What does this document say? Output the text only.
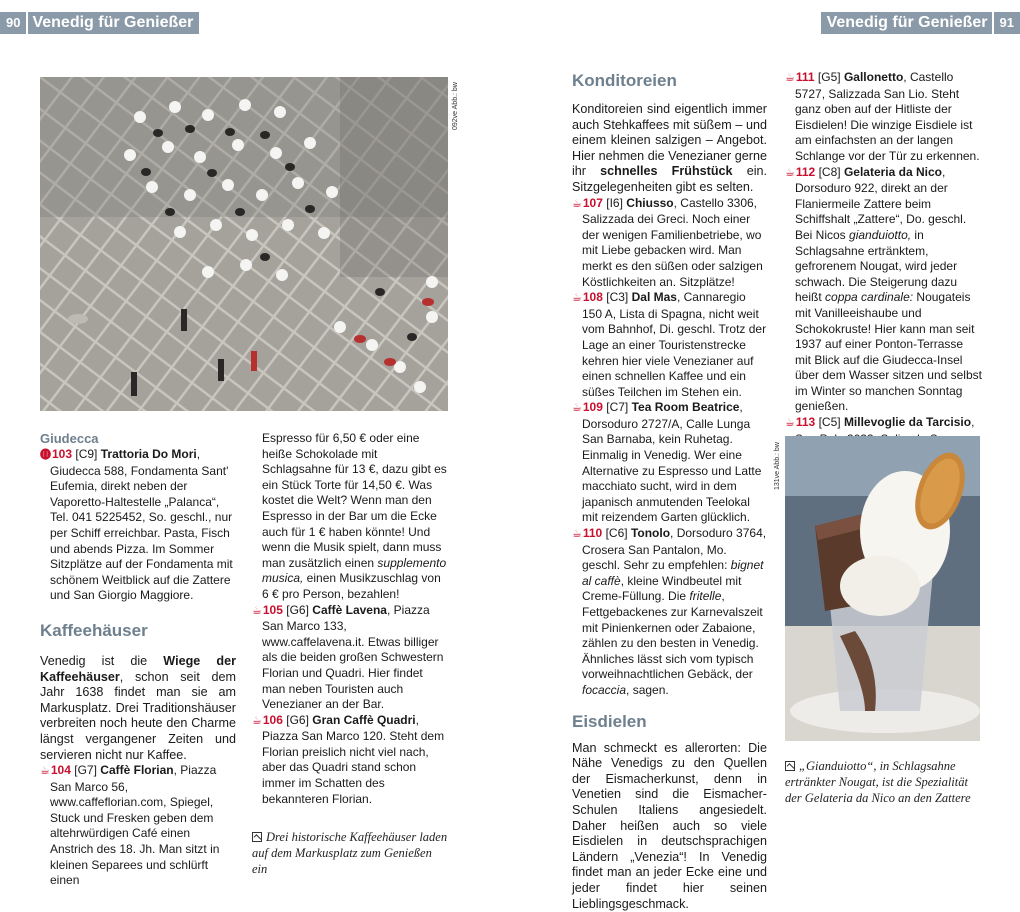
90 Venedig für Genießer	Venedig für Genießer 91
092ve Abb.: bw

Giudecca

⓫103 [C9] Trattoria Do Mori, Giudecca 588, Fondamenta Sant' Eufemia, direkt neben der Vaporetto-Haltestelle „Palanca“, Tel. 041 5225452, So. geschl., nur per Schiff erreichbar. Pasta, Fisch und abends Pizza. Im Sommer Sitzplätze auf der Fondamenta mit schönem Weitblick auf die Zattere und San Giorgio Maggiore.

Kaffeehäuser

Venedig ist die Wiege der Kaffeehäuser, schon seit dem Jahr 1638 findet man sie am Markusplatz. Drei Traditionshäuser verbreiten noch heute den Charme längst vergangener Zeiten und servieren nicht nur Kaffee.

☕104 [G7] Caffè Florian, Piazza San Marco 56, www.caffeflorian.com, Spiegel, Stuck und Fresken geben dem altehrwürdigen Café einen Anstrich des 18. Jh. Man sitzt in kleinen Separees und schlürft einen

Espresso für 6,50 € oder eine heiße Schokolade mit Schlagsahne für 13 €, dazu gibt es ein Stück Torte für 14,50 €. Was kostet die Welt? Wenn man den Espresso in der Bar um die Ecke auch für 1 € haben könnte! Und wenn die Musik spielt, dann muss man zusätzlich einen supplemento musica, einen Musikzuschlag von 6 € pro Person, bezahlen!

☕105 [G6] Caffè Lavena, Piazza San Marco 133, www.caffelavena.it. Etwas billiger als die beiden großen Schwestern Florian und Quadri. Hier findet man neben Touristen auch Venezianer an der Bar.

☕106 [G6] Gran Caffè Quadri, Piazza San Marco 120. Steht dem Florian preislich nicht viel nach, aber das Quadri stand schon immer im Schatten des bekannteren Florian.

Drei historische Kaffeehäuser laden auf dem Markusplatz zum Genießen ein

Konditoreien

Konditoreien sind eigentlich immer auch Stehkaffees mit süßem – und einem kleinen salzigen – Angebot. Hier nehmen die Venezianer gerne ihr schnelles Frühstück ein. Sitzgelegenheiten gibt es selten.

☕107 [I6] Chiusso, Castello 3306, Salizzada dei Greci. Noch einer der wenigen Familienbetriebe, wo mit Liebe gebacken wird. Man merkt es den süßen oder salzigen Köstlichkeiten an. Sitzplätze!

☕108 [C3] Dal Mas, Cannaregio 150 A, Lista di Spagna, nicht weit vom Bahnhof, Di. geschl. Trotz der Lage an einer Touristenstrecke kehren hier viele Venezianer auf einen schnellen Kaffee und ein süßes Teilchen im Stehen ein.

☕109 [C7] Tea Room Beatrice, Dorsoduro 2727/A, Calle Lunga San Barnaba, kein Ruhetag. Einmalig in Venedig. Wer eine Alternative zu Espresso und Latte macchiato sucht, wird in dem japanisch anmutenden Teelokal mit reizendem Garten glücklich.

☕110 [C6] Tonolo, Dorsoduro 3764, Crosera San Pantalon, Mo. geschl. Sehr zu empfehlen: bignet al caffè, kleine Windbeutel mit Creme-Füllung. Die fritelle, Fettgebackenes zur Karnevalszeit mit Pinienkernen oder Zabaione, zählen zu den besten in Venedig. Ähnliches lässt sich vom typisch vorweihnachtlichen Gebäck, der focaccia, sagen.

Eisdielen

Man schmeckt es allerorten: Die Nähe Venedigs zu den Quellen der Eismacherkunst, denn in Venetien sind die Eismacher-Schulen Italiens angesiedelt. Daher heißen auch so viele Eisdielen in deutschsprachigen Ländern „Venezia“! In Venedig findet man an jeder Ecke eine und jeder findet hier seinen Lieblingsgeschmack.

☕111 [G5] Gallonetto, Castello 5727, Salizzada San Lio. Steht ganz oben auf der Hitliste der Eisdielen! Die winzige Eisdiele ist am einfachsten an der langen Schlange vor der Tür zu erkennen.

☕112 [C8] Gelateria da Nico, Dorsoduro 922, direkt an der Flaniermeile Zattere beim Schiffshalt „Zattere“, Do. geschl. Bei Nicos gianduiotto, in Schlagsahne ertränktem, gefrorenem Nougat, wird jeder schwach. Die Steigerung dazu heißt coppa cardinale: Nougateis mit Vanilleeishaube und Schokokruste! Hier kann man seit 1937 auf einer Ponton-Terrasse mit Blick auf die Giudecca-Insel über dem Wasser sitzen und selbst im Winter so manchen Sonntag genießen.

☕113 [C5] Millevoglie da Tarcisio,

131ve Abb.: bw

„Gianduiotto“, in Schlagsahne ertränkter Nougat, ist die Spezialität der Gelateria da Nico an den Zattere
